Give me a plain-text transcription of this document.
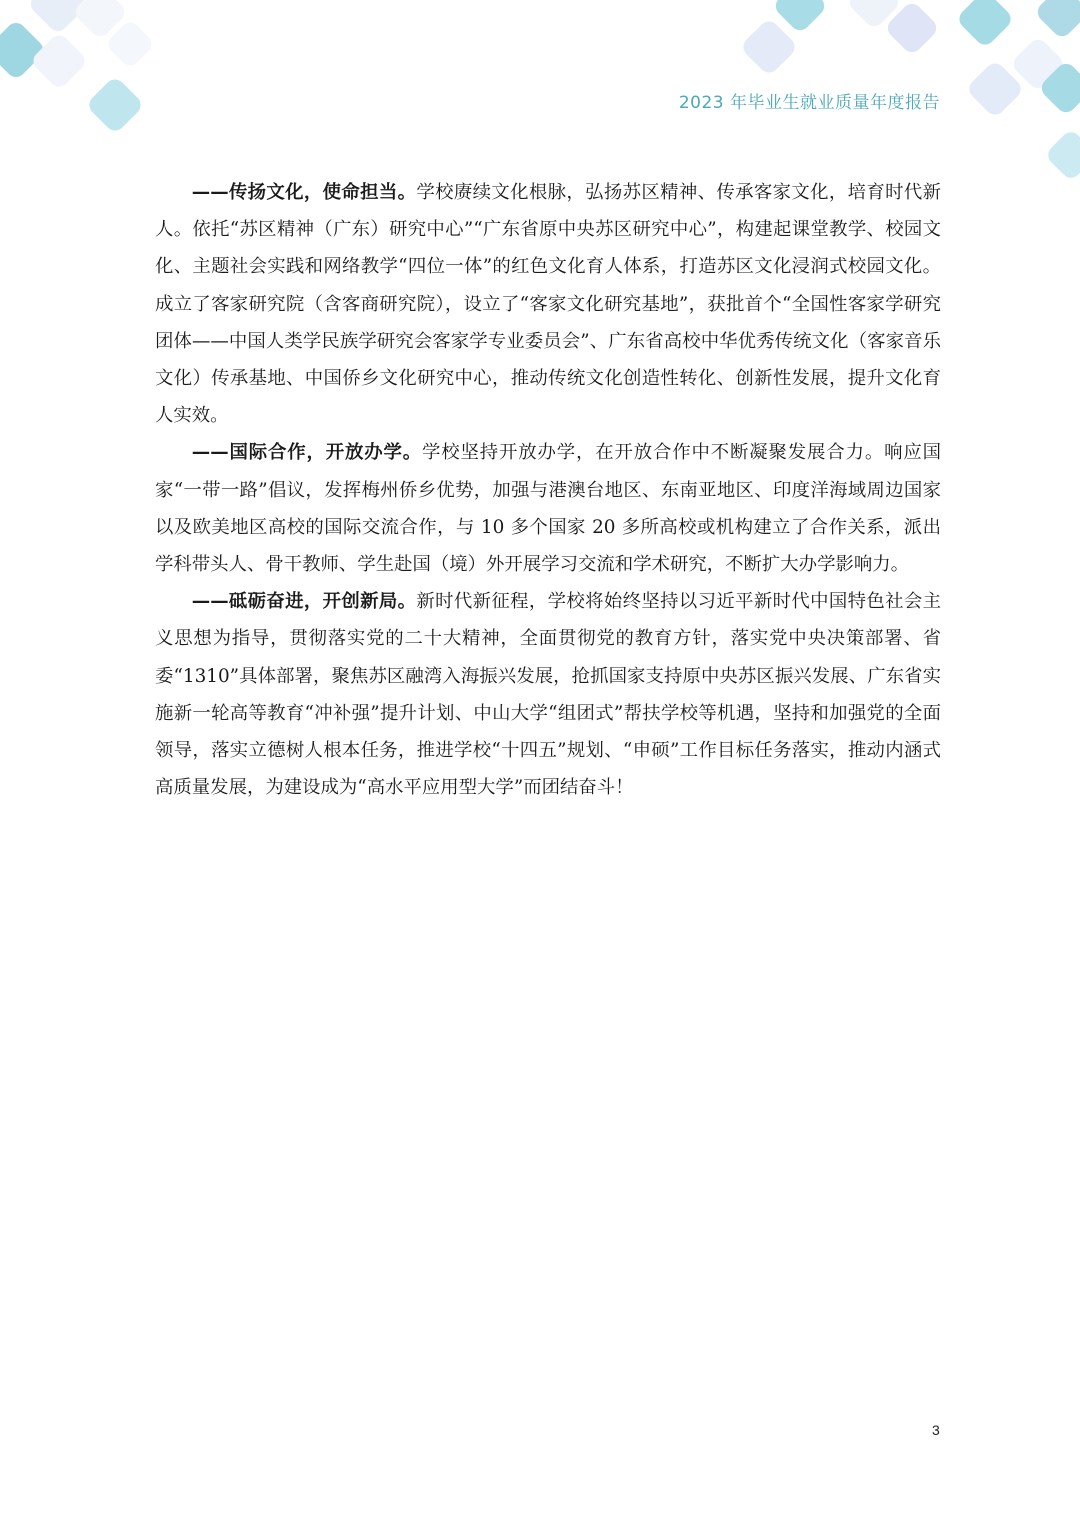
2023 年毕业生就业质量年度报告

——传扬文化，使命担当。学校赓续文化根脉，弘扬苏区精神、传承客家文化，培育时代新人。依托“苏区精神（广东）研究中心”“广东省原中央苏区研究中心”，构建起课堂教学、校园文化、主题社会实践和网络教学“四位一体”的红色文化育人体系，打造苏区文化浸润式校园文化。成立了客家研究院（含客商研究院），设立了“客家文化研究基地”，获批首个“全国性客家学研究团体——中国人类学民族学研究会客家学专业委员会”、广东省高校中华优秀传统文化（客家音乐文化）传承基地、中国侨乡文化研究中心，推动传统文化创造性转化、创新性发展，提升文化育人实效。

——国际合作，开放办学。学校坚持开放办学，在开放合作中不断凝聚发展合力。响应国家“一带一路”倡议，发挥梅州侨乡优势，加强与港澳台地区、东南亚地区、印度洋海域周边国家以及欧美地区高校的国际交流合作，与 10 多个国家 20 多所高校或机构建立了合作关系，派出学科带头人、骨干教师、学生赴国（境）外开展学习交流和学术研究，不断扩大办学影响力。

——砥砺奋进，开创新局。新时代新征程，学校将始终坚持以习近平新时代中国特色社会主义思想为指导，贯彻落实党的二十大精神，全面贯彻党的教育方针，落实党中央决策部署、省委“1310”具体部署，聚焦苏区融湾入海振兴发展，抢抓国家支持原中央苏区振兴发展、广东省实施新一轮高等教育“冲补强”提升计划、中山大学“组团式”帮扶学校等机遇，坚持和加强党的全面领导，落实立德树人根本任务，推进学校“十四五”规划、“申硕”工作目标任务落实，推动内涵式高质量发展，为建设成为“高水平应用型大学”而团结奋斗！

3
